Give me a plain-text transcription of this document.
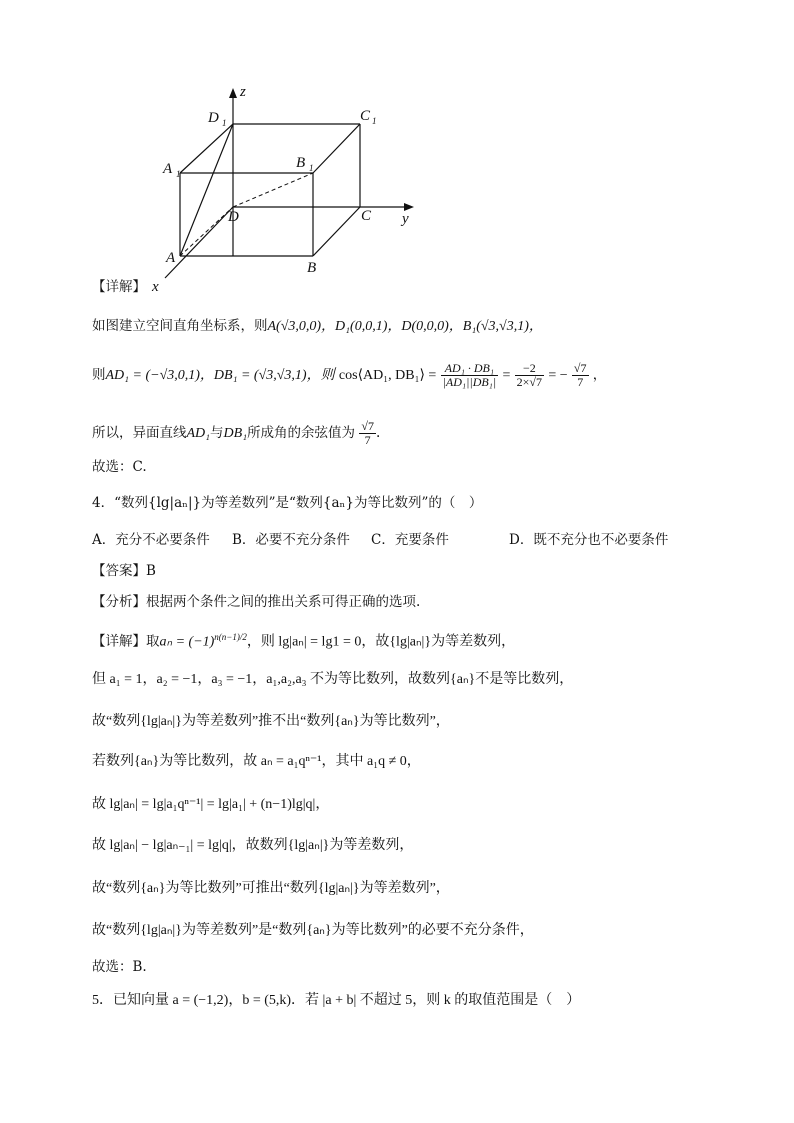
z
y
x
A
B
C
D
A	B
C
D
1
1
1
1
【详解】
如图建立空间直角坐标系，则A(√3,0,0)，D₁(0,0,1)，D(0,0,0)，B₁(√3,√3,1)，
则AD₁ = (−√3,0,1)，DB₁ = (√3,√3,1)，则 cos⟨AD₁, DB₁⟩ = $\frac{\text{AD₁ · DB₁}}{\text{|AD₁||DB₁|}} = \frac{-2}{2\times√7}$ = − $\frac{√7}{7}$ ，
所以，异面直线AD₁与DB₁所成角的余弦值为 $\frac{√7}{7}$ .
故选：C.
4．“数列{lg|aₙ|}为等差数列”是“数列{aₙ}为等比数列”的（　）
A．充分不必要条件 B．必要不充分条件 C．充要条件	D．既不充分也不必要条件
【答案】B
【分析】根据两个条件之间的推出关系可得正确的选项.
【详解】取$a_n = (-1)^{n(n-1)/2}$，则 lg|aₙ| = lg1 = 0，故{lg|aₙ|}为等差数列，
但 a₁ = 1，a₂ = −1，a₃ = −1，a₁,a₂,a₃ 不为等比数列，故数列{aₙ}不是等比数列，
故“数列{lg|aₙ|}为等差数列”推不出“数列{aₙ}为等比数列”，
若数列{aₙ}为等比数列，故 aₙ = a₁qⁿ⁻¹，其中 a₁q ≠ 0，
故 lg|aₙ| = lg|a₁qⁿ⁻¹| = lg|a₁| + (n−1)lg|q|，
故 lg|aₙ| − lg|aₙ₋₁| = lg|q|，故数列{lg|aₙ|}为等差数列，
故“数列{aₙ}为等比数列”可推出“数列{lg|aₙ|}为等差数列”，
故“数列{lg|aₙ|}为等差数列”是“数列{aₙ}为等比数列”的必要不充分条件，
故选：B.
5．已知向量 a = (−1,2)，b = (5,k)．若 |a + b| 不超过 5，则 k 的取值范围是（　）
